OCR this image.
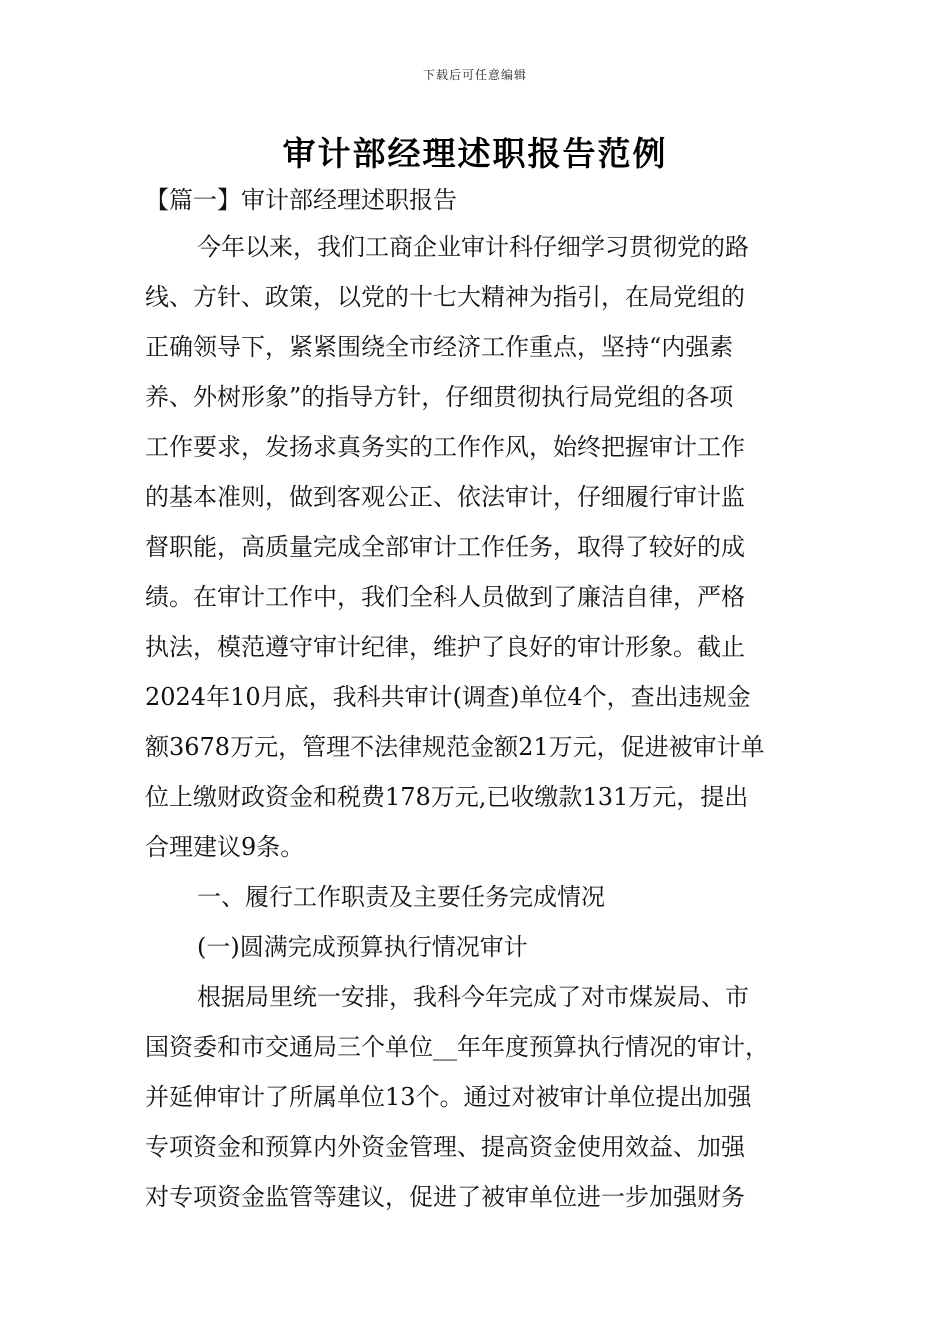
下载后可任意编辑
审计部经理述职报告范例
【篇一】审计部经理述职报告
今年以来，我们工商企业审计科仔细学习贯彻党的路
线、方针、政策，以党的十七大精神为指引，在局党组的
正确领导下，紧紧围绕全市经济工作重点，坚持“内强素
养、外树形象”的指导方针，仔细贯彻执行局党组的各项
工作要求，发扬求真务实的工作作风，始终把握审计工作
的基本准则，做到客观公正、依法审计，仔细履行审计监
督职能，高质量完成全部审计工作任务，取得了较好的成
绩。在审计工作中，我们全科人员做到了廉洁自律，严格
执法，模范遵守审计纪律，维护了良好的审计形象。截止
2024年10月底，我科共审计(调查)单位4个，查出违规金
额3678万元，管理不法律规范金额21万元，促进被审计单
位上缴财政资金和税费178万元,已收缴款131万元，提出
合理建议9条。
一、履行工作职责及主要任务完成情况
(一)圆满完成预算执行情况审计
根据局里统一安排，我科今年完成了对市煤炭局、市
国资委和市交通局三个单位__年年度预算执行情况的审计，
并延伸审计了所属单位13个。通过对被审计单位提出加强
专项资金和预算内外资金管理、提高资金使用效益、加强
对专项资金监管等建议，促进了被审单位进一步加强财务
